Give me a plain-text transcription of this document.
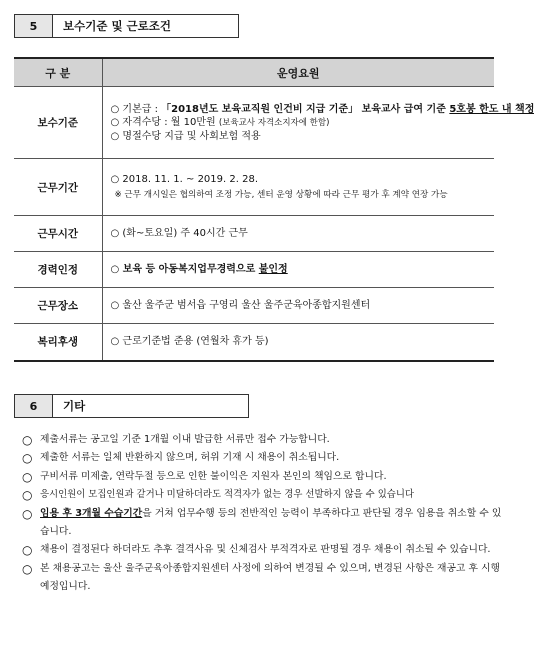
5	보수기준 및 근로조건
구 분	운영요원
보수기준	○ 기본급 : 「2018년도 보육교직원 인건비 지급 기준」 보육교사 급여 기준 5호봉 한도 내 책정
○ 자격수당 : 월 10만원 (보육교사 자격소지자에 한함)
○ 명절수당 지급 및 사회보험 적용

근무기간	○ 2018. 11. 1. ~ 2019. 2. 28.
※ 근무 개시일은 협의하여 조정 가능, 센터 운영 상황에 따라 근무 평가 후 계약 연장 가능

근무시간	○ (화~토요일) 주 40시간 근무
경력인정	○ 보육 등 아동복지업무경력으로 불인정
근무장소	○ 울산 울주군 범서읍 구영리 울산 울주군육아종합지원센터
복리후생	○ 근로기준법 준용 (연월차 휴가 등)
6	기타
○ 제출서류는 공고일 기준 1개월 이내 발급한 서류만 접수 가능합니다.
○ 제출한 서류는 일체 반환하지 않으며, 허위 기재 시 채용이 취소됩니다.
○ 구비서류 미제출, 연락두절 등으로 인한 불이익은 지원자 본인의 책임으로 합니다.
○ 응시인원이 모집인원과 같거나 미달하더라도 적격자가 없는 경우 선발하지 않을 수 있습니다
○ 임용 후 3개월 수습기간을 거쳐 업무수행 등의 전반적인 능력이 부족하다고 판단될 경우 임용을 취소할 수 있습니다.
○ 채용이 결정된다 하더라도 추후 결격사유 및 신체검사 부적격자로 판명될 경우 채용이 취소될 수 있습니다.
○ 본 채용공고는 울산 울주군육아종합지원센터 사정에 의하여 변경될 수 있으며, 변경된 사항은 재공고 후 시행 예정입니다.
